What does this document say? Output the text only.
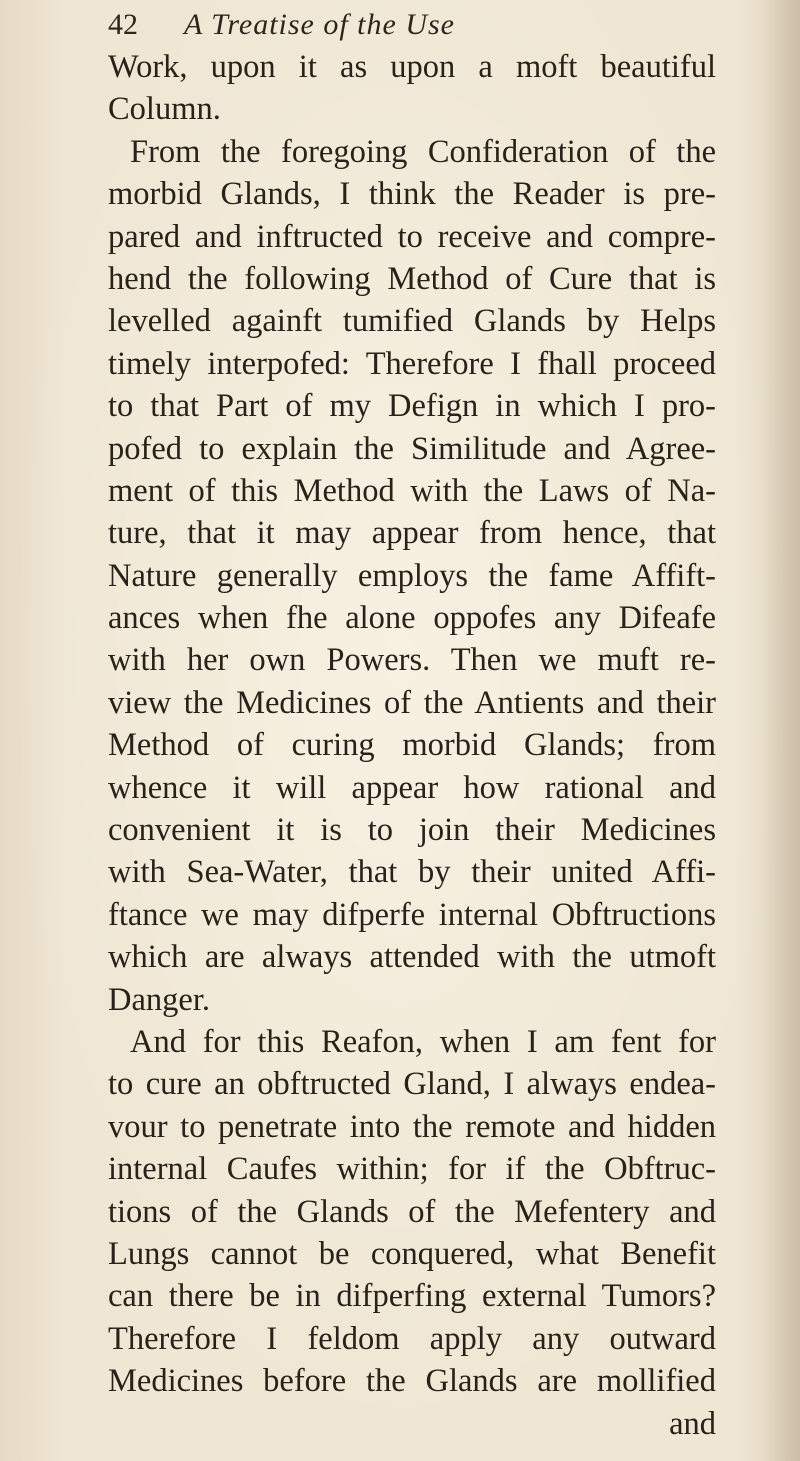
42 A Treatise of the Use
Work, upon it as upon a moft beautiful
Column.
From the foregoing Confideration of the
morbid Glands, I think the Reader is pre-
pared and inftructed to receive and compre-
hend the following Method of Cure that is
levelled againft tumified Glands by Helps
timely interpofed: Therefore I fhall proceed
to that Part of my Defign in which I pro-
pofed to explain the Similitude and Agree-
ment of this Method with the Laws of Na-
ture, that it may appear from hence, that
Nature generally employs the fame Affift-
ances when fhe alone oppofes any Difeafe
with her own Powers. Then we muft re-
view the Medicines of the Antients and their
Method of curing morbid Glands; from
whence it will appear how rational and
convenient it is to join their Medicines
with Sea-Water, that by their united Affi-
ftance we may difperfe internal Obftructions
which are always attended with the utmoft
Danger.
And for this Reafon, when I am fent for
to cure an obftructed Gland, I always endea-
vour to penetrate into the remote and hidden
internal Caufes within; for if the Obftruc-
tions of the Glands of the Mefentery and
Lungs cannot be conquered, what Benefit
can there be in difperfing external Tumors?
Therefore I feldom apply any outward
Medicines before the Glands are mollified
and
